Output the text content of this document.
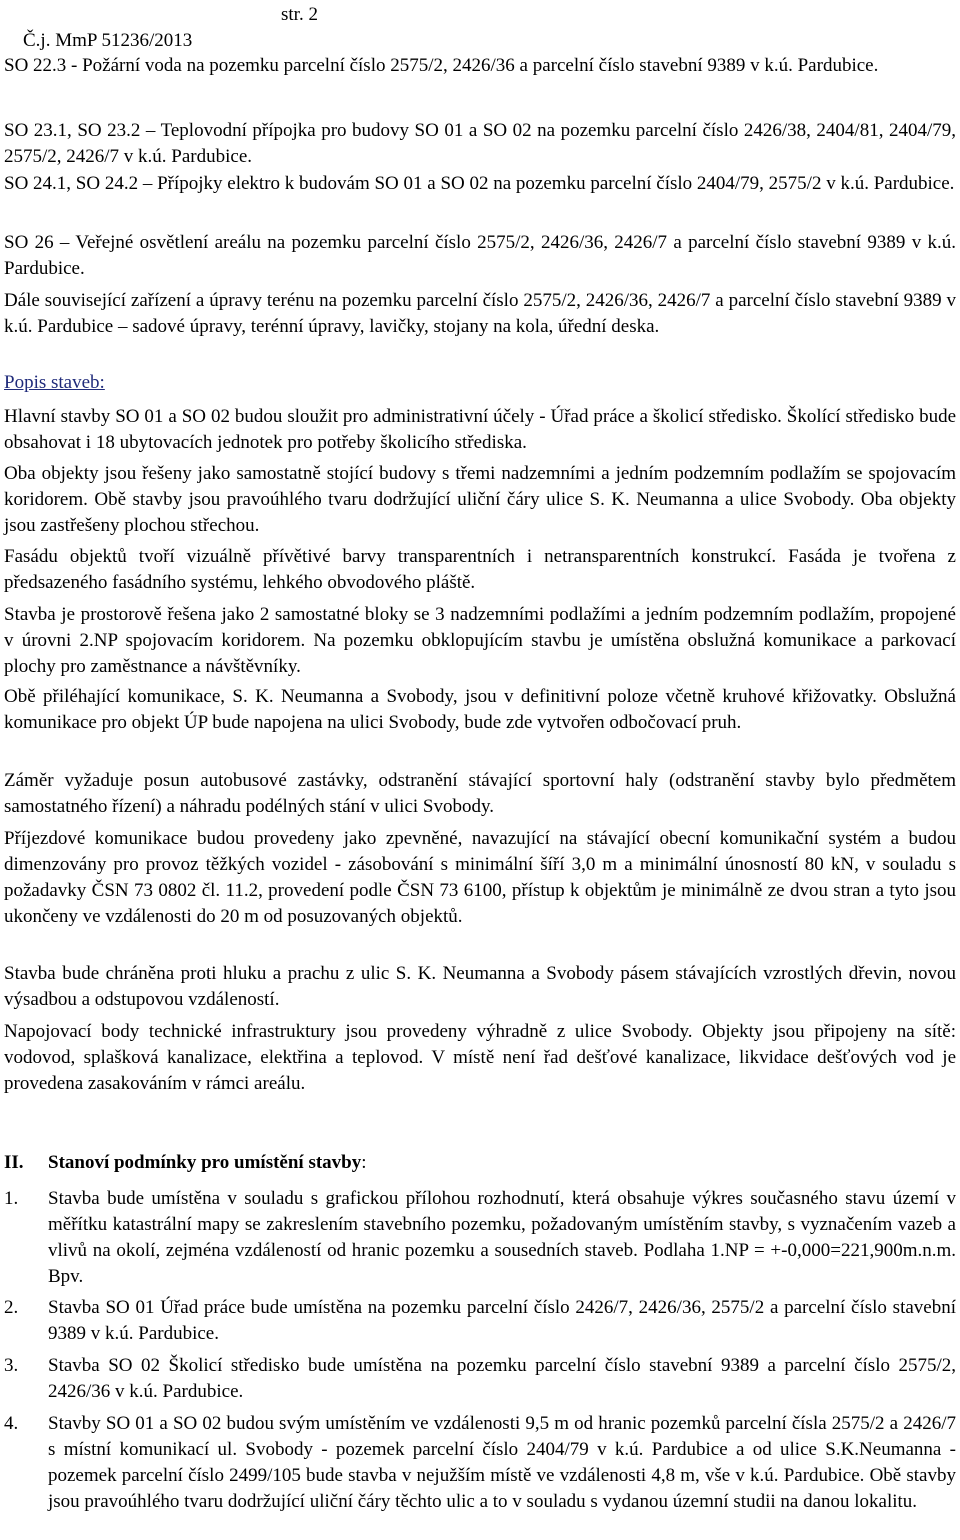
Č.j. MmP 51236/2013

str. 2

SO 22.3 - Požární voda na pozemku parcelní číslo 2575/2, 2426/36 a parcelní číslo stavební 9389 v k.ú. Pardubice.

SO 23.1, SO 23.2 – Teplovodní přípojka pro budovy SO 01 a SO 02 na pozemku parcelní číslo 2426/38, 2404/81, 2404/79, 2575/2, 2426/7 v k.ú. Pardubice.

SO 24.1, SO 24.2 – Přípojky elektro k budovám SO 01 a SO 02 na pozemku parcelní číslo 2404/79, 2575/2 v k.ú. Pardubice.

SO 26 – Veřejné osvětlení areálu na pozemku parcelní číslo 2575/2, 2426/36, 2426/7 a parcelní číslo stavební 9389 v k.ú. Pardubice.

Dále související zařízení a úpravy terénu na pozemku parcelní číslo 2575/2, 2426/36, 2426/7 a parcelní číslo stavební 9389 v k.ú. Pardubice – sadové úpravy, terénní úpravy, lavičky, stojany na kola, úřední deska.

Popis staveb:

Hlavní stavby SO 01 a SO 02 budou sloužit pro administrativní účely - Úřad práce a školicí středisko. Školící středisko bude obsahovat i 18 ubytovacích jednotek pro potřeby školicího střediska.

Oba objekty jsou řešeny jako samostatně stojící budovy s třemi nadzemními a jedním podzemním podlažím se spojovacím koridorem. Obě stavby jsou pravoúhlého tvaru dodržující uliční čáry ulice S. K. Neumanna a ulice Svobody. Oba objekty jsou zastřešeny plochou střechou.

Fasádu objektů tvoří vizuálně přívětivé barvy transparentních i netransparentních konstrukcí. Fasáda je tvořena z předsazeného fasádního systému, lehkého obvodového pláště.

Stavba je prostorově řešena jako 2 samostatné bloky se 3 nadzemními podlažími a jedním podzemním podlažím, propojené v úrovni 2.NP spojovacím koridorem. Na pozemku obklopujícím stavbu je umístěna obslužná komunikace a parkovací plochy pro zaměstnance a návštěvníky.

Obě přiléhající komunikace, S. K. Neumanna a Svobody, jsou v definitivní poloze včetně kruhové křižovatky. Obslužná komunikace pro objekt ÚP bude napojena na ulici Svobody, bude zde vytvořen odbočovací pruh.

Záměr vyžaduje posun autobusové zastávky, odstranění stávající sportovní haly (odstranění stavby bylo předmětem samostatného řízení) a náhradu podélných stání v ulici Svobody.

Příjezdové komunikace budou provedeny jako zpevněné, navazující na stávající obecní komunikační systém a budou dimenzovány pro provoz těžkých vozidel - zásobování s minimální šíří 3,0 m a minimální únosností 80 kN, v souladu s požadavky ČSN 73 0802 čl. 11.2, provedení podle ČSN 73 6100, přístup k objektům je minimálně ze dvou stran a tyto jsou ukončeny ve vzdálenosti do 20 m od posuzovaných objektů.

Stavba bude chráněna proti hluku a prachu z ulic S. K. Neumanna a Svobody pásem stávajících vzrostlých dřevin, novou výsadbou a odstupovou vzdáleností.

Napojovací body technické infrastruktury jsou provedeny výhradně z ulice Svobody. Objekty jsou připojeny na sítě: vodovod, splašková kanalizace, elektřina a teplovod. V místě není řad dešťové kanalizace, likvidace dešťových vod je provedena zasakováním v rámci areálu.

II. Stanoví podmínky pro umístění stavby:
1. Stavba bude umístěna v souladu s grafickou přílohou rozhodnutí, která obsahuje výkres současného stavu území v měřítku katastrální mapy se zakreslením stavebního pozemku, požadovaným umístěním stavby, s vyznačením vazeb a vlivů na okolí, zejména vzdáleností od hranic pozemku a sousedních staveb. Podlaha 1.NP = +-0,000=221,900m.n.m. Bpv.
2. Stavba SO 01 Úřad práce bude umístěna na pozemku parcelní číslo 2426/7, 2426/36, 2575/2 a parcelní číslo stavební 9389 v k.ú. Pardubice.
3. Stavba SO 02 Školicí středisko bude umístěna na pozemku parcelní číslo stavební 9389 a parcelní číslo 2575/2, 2426/36 v k.ú. Pardubice.
4. Stavby SO 01 a SO 02 budou svým umístěním ve vzdálenosti 9,5 m od hranic pozemků parcelní čísla 2575/2 a 2426/7 s místní komunikací ul. Svobody - pozemek parcelní číslo 2404/79 v k.ú. Pardubice a od ulice S.K.Neumanna - pozemek parcelní číslo 2499/105 bude stavba v nejužším místě ve vzdálenosti 4,8 m, vše v k.ú. Pardubice. Obě stavby jsou pravoúhlého tvaru dodržující uliční čáry těchto ulic a to v souladu s vydanou územní studii na danou lokalitu.
